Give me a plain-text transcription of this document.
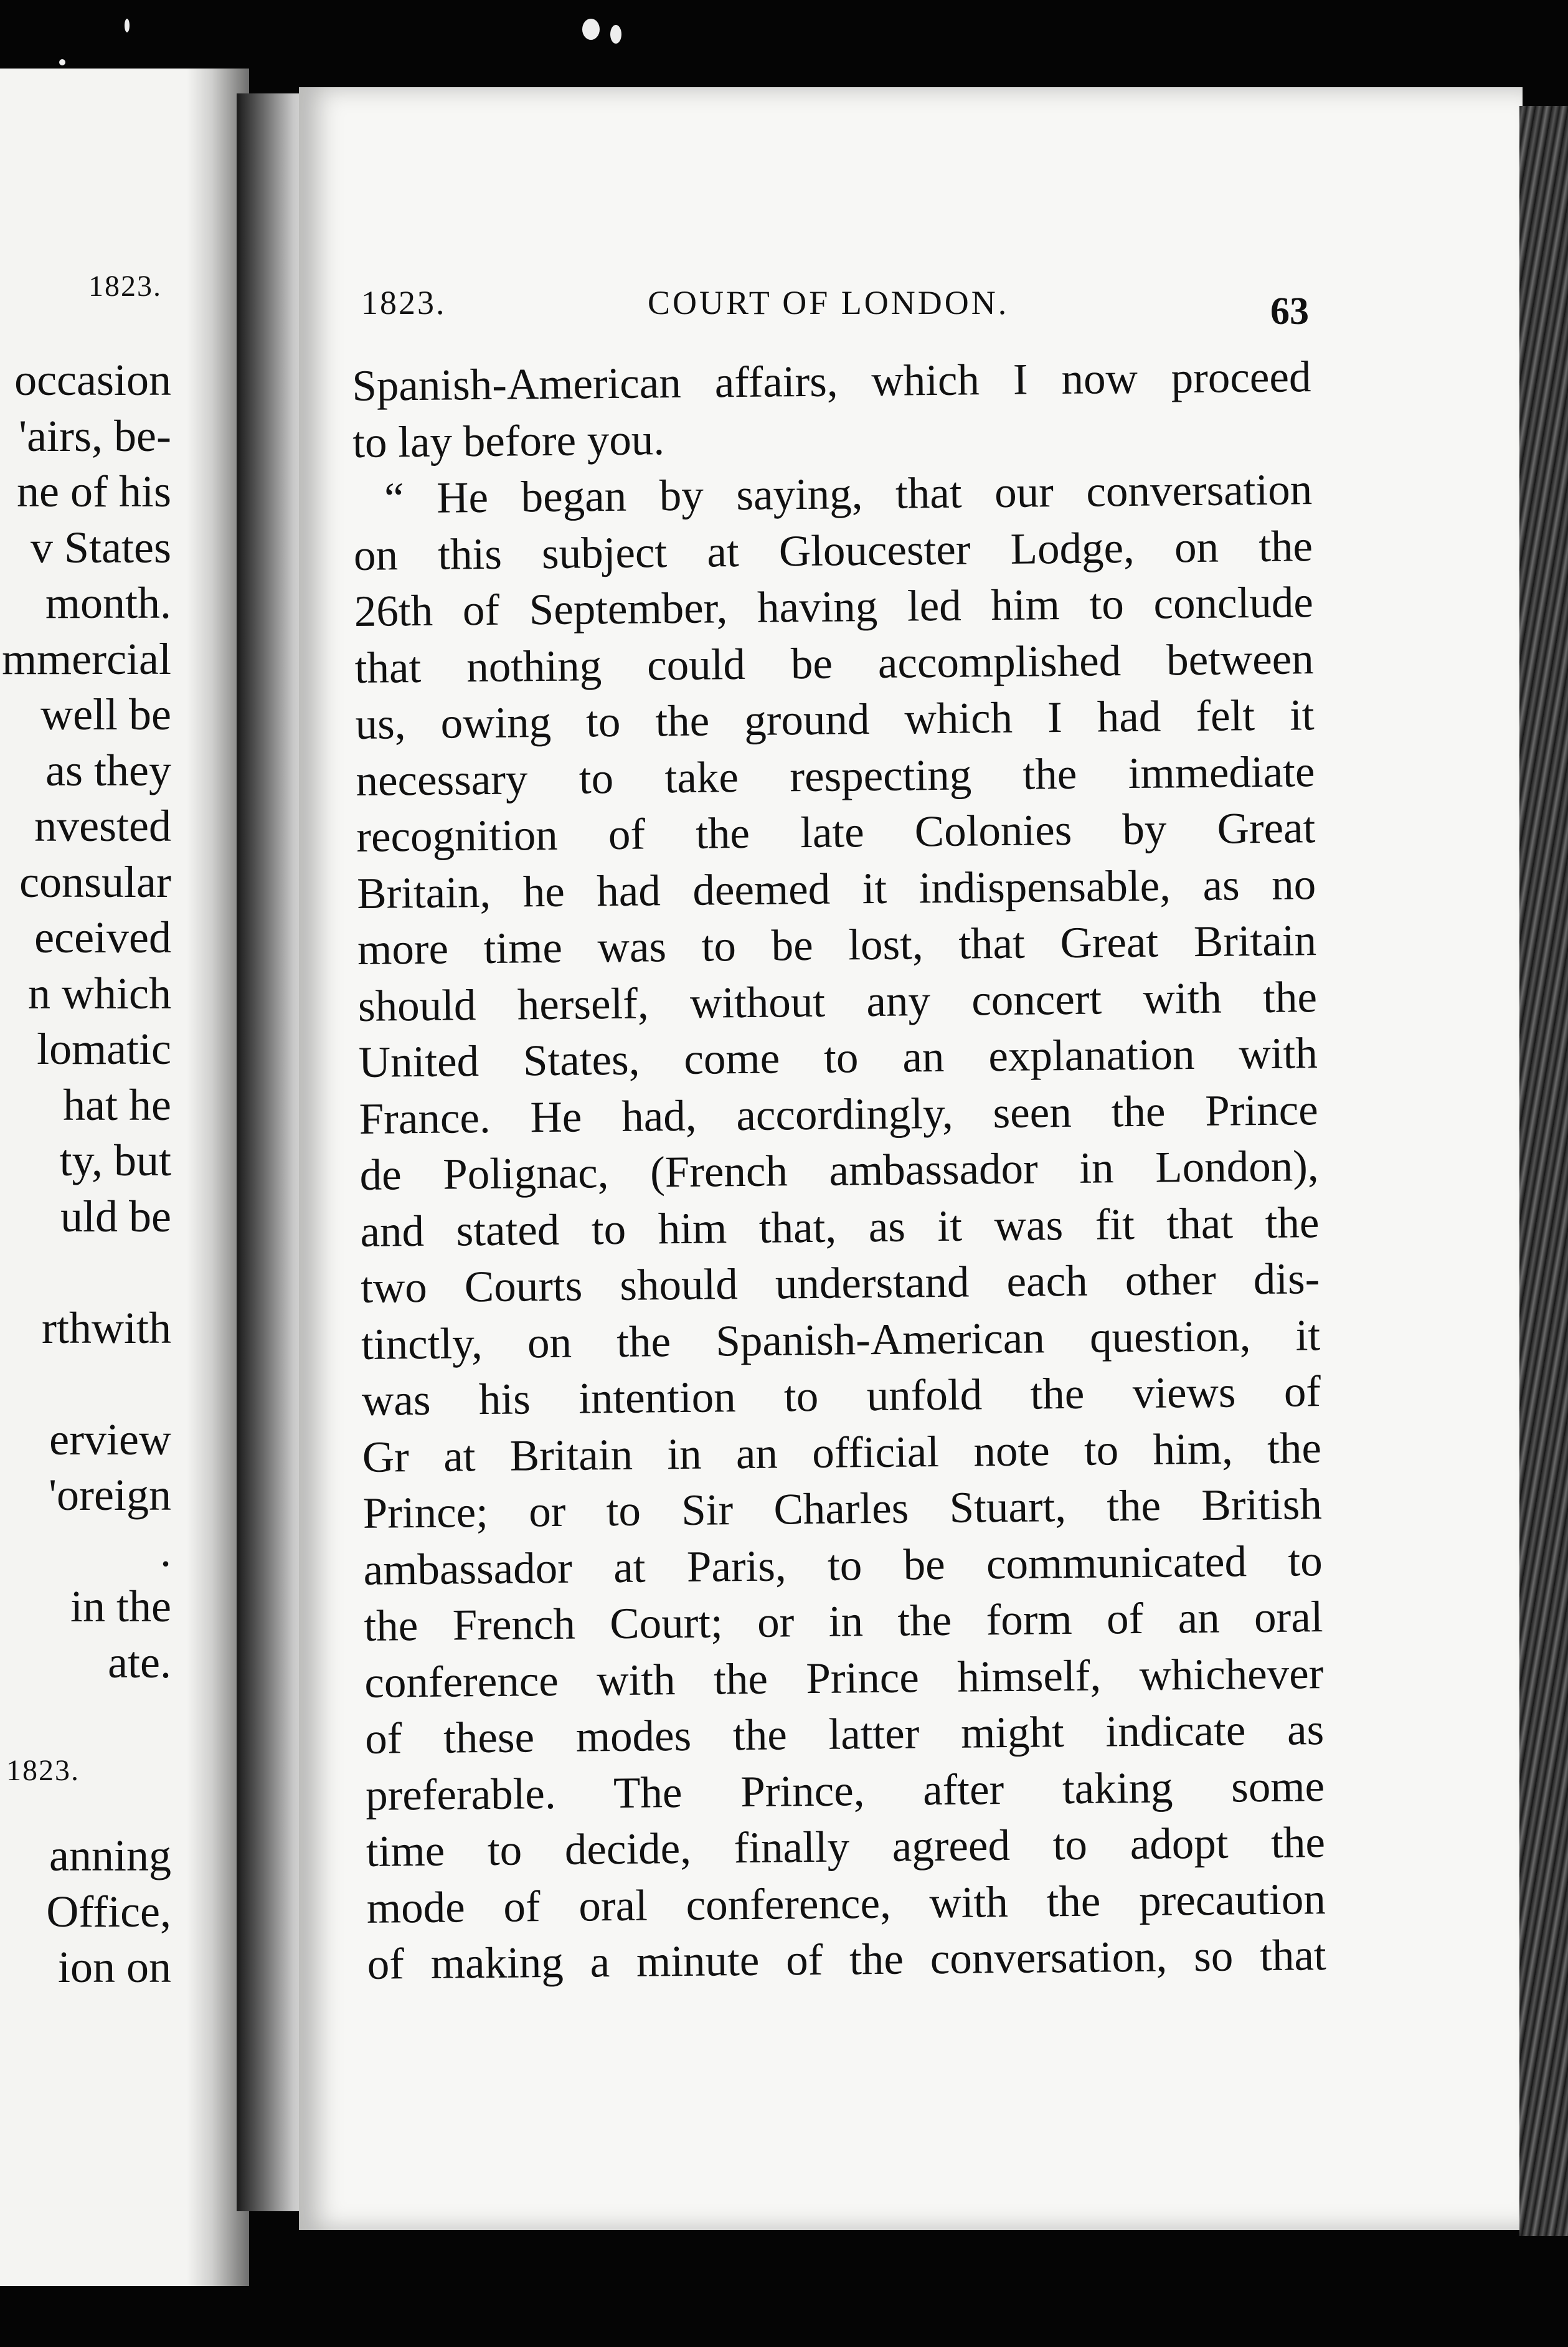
1823.
occasion
'airs, be-
ne of his
v States
month.
mmercial
well be
as they
nvested
consular
eceived
n which
lomatic
hat he
ty, but
uld be
rthwith
erview
'oreign
.
in the
ate.
1823.
anning
Office,
ion on
1823.	COURT OF LONDON.	63
Spanish-American affairs, which I now proceed
to lay before you.
“ He began by saying, that our conversation
on this subject at Gloucester Lodge, on the
26th of September, having led him to conclude
that nothing could be accomplished between
us, owing to the ground which I had felt it
necessary to take respecting the immediate
recognition of the late Colonies by Great
Britain, he had deemed it indispensable, as no
more time was to be lost, that Great Britain
should herself, without any concert with the
United States, come to an explanation with
France. He had, accordingly, seen the Prince
de Polignac, (French ambassador in London),
and stated to him that, as it was fit that the
two Courts should understand each other dis-
tinctly, on the Spanish-American question, it
was his intention to unfold the views of
Gr at Britain in an official note to him, the
Prince; or to Sir Charles Stuart, the British
ambassador at Paris, to be communicated to
the French Court; or in the form of an oral
conference with the Prince himself, whichever
of these modes the latter might indicate as
preferable. The Prince, after taking some
time to decide, finally agreed to adopt the
mode of oral conference, with the precaution
of making a minute of the conversation, so that
